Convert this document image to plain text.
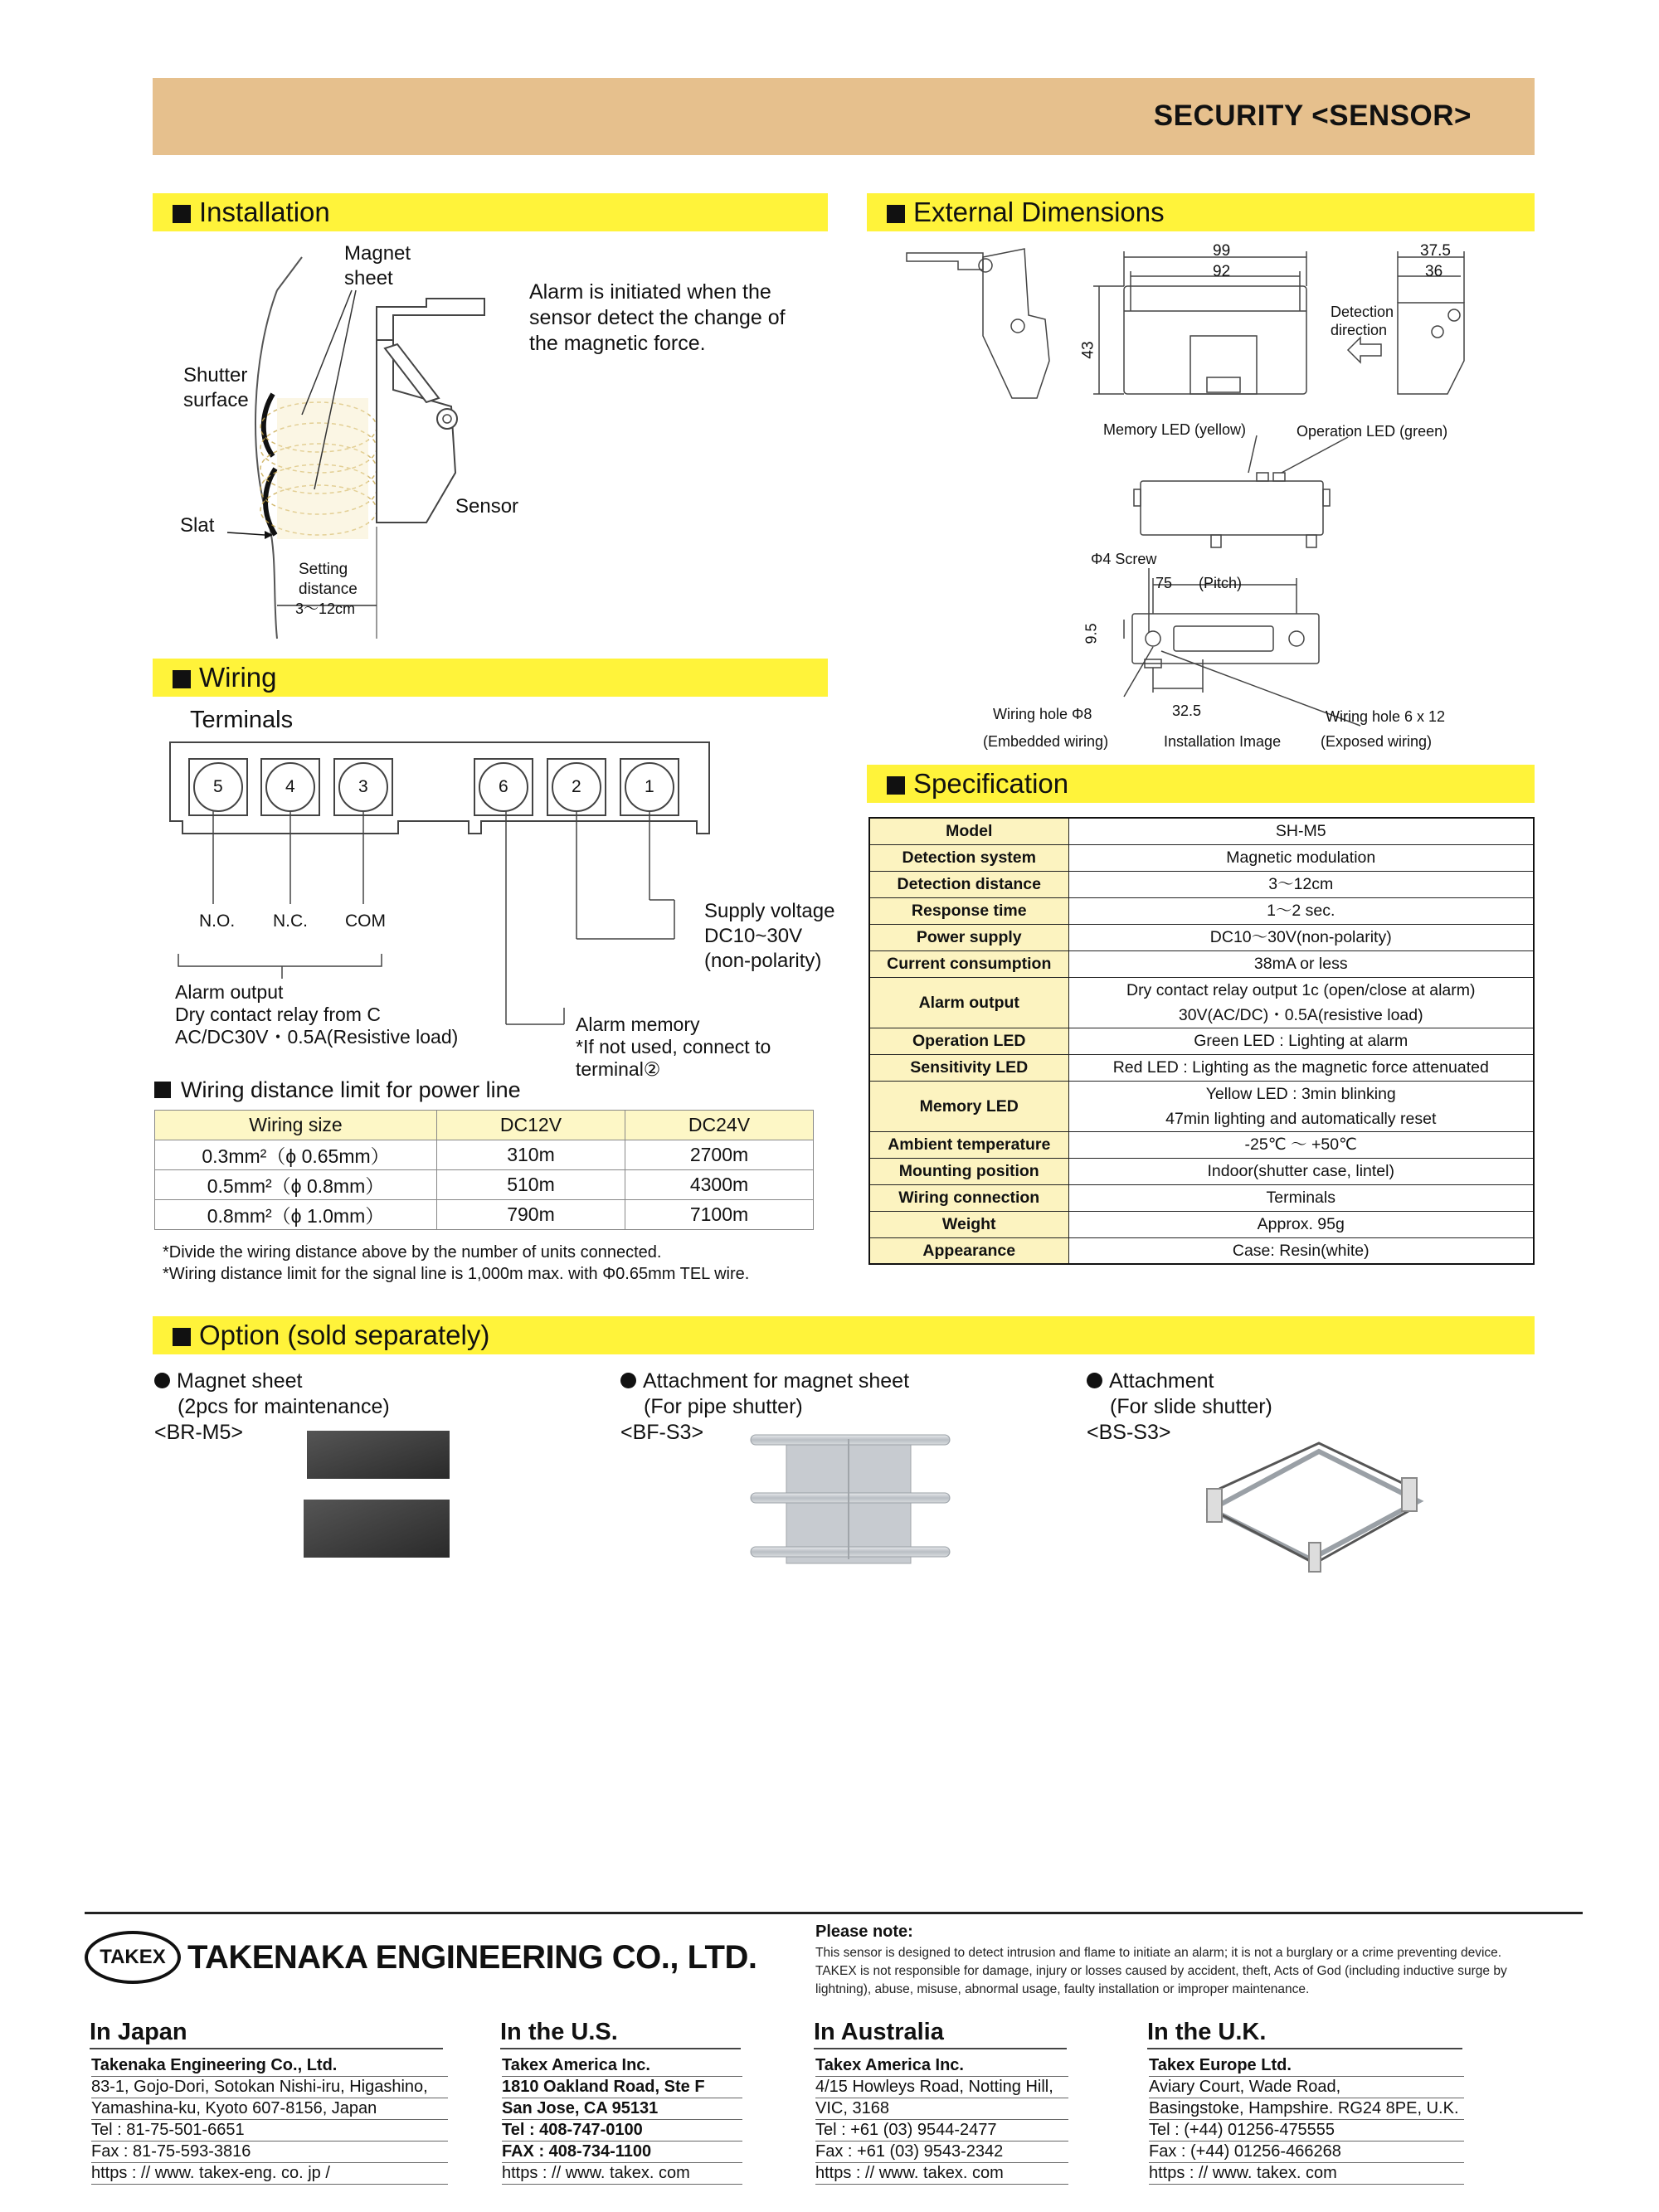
SECURITY <SENSOR>
Installation
Magnet
sheet
Shutter
surface
Slat
Sensor
Setting
distance
3～12cm
Alarm is initiated when the
sensor detect the change of
the magnetic force.
Wiring
Terminals
5	4	3	6	2	1
N.O. N.C. COM	Supply voltage
DC10~30V
(non-polarity)
Alarm output
Dry contact relay from C
AC/DC30V・0.5A(Resistive load)
Alarm memory
*If not used, connect to
terminal②
Wiring distance limit for power line
Wiring size	DC12V	DC24V
0.3mm²（ϕ 0.65mm）	310m	2700m
0.5mm²（ϕ 0.8mm）	510m	4300m
0.8mm²（ϕ 1.0mm）	790m	7100m
*Divide the wiring distance above by the number of units connected.
*Wiring distance limit for the signal line is 1,000m max. with Φ0.65mm TEL wire.
External Dimensions
99
92
43
37.5
36
Detection
direction
Memory LED (yellow)	Operation LED (green)
Φ4 Screw
75 (Pitch)
9.5
32.5
Wiring hole Φ8
(Embedded wiring)	Installation Image
Wiring hole 6 x 12
(Exposed wiring)
Specification
Model	SH-M5
Detection system	Magnetic modulation
Detection distance	3～12cm
Response time	1～2 sec.
Power supply	DC10～30V(non-polarity)
Current consumption	38mA or less
Alarm output	Dry contact relay output 1c (open/close at alarm)
30V(AC/DC)・0.5A(resistive load)
Operation LED	Green LED : Lighting at alarm
Sensitivity LED	Red LED : Lighting as the magnetic force attenuated
Memory LED	Yellow LED : 3min blinking
47min lighting and automatically reset
Ambient temperature	-25℃ ～ +50℃
Mounting position	Indoor(shutter case, lintel)
Wiring connection	Terminals
Weight	Approx. 95g
Appearance	Case: Resin(white)
Option (sold separately)
Magnet sheet
(2pcs for maintenance)
<BR-M5>
Attachment for magnet sheet
(For pipe shutter)
<BF-S3>
Attachment
(For slide shutter)
<BS-S3>
TAKEX TAKENAKA ENGINEERING CO., LTD.
Please note:
This sensor is designed to detect intrusion and flame to initiate an alarm; it is not a burglary or a crime preventing device.
TAKEX is not responsible for damage, injury or losses caused by accident, theft, Acts of God (including inductive surge by
lightning), abuse, misuse, abnormal usage, faulty installation or improper maintenance.
In Japan
Takenaka Engineering Co., Ltd.
83-1, Gojo-Dori, Sotokan Nishi-iru, Higashino,
Yamashina-ku, Kyoto 607-8156, Japan
Tel : 81-75-501-6651
Fax : 81-75-593-3816
https : // www. takex-eng. co. jp /
In the U.S.
Takex America Inc.
1810 Oakland Road, Ste F
San Jose, CA 95131
Tel : 408-747-0100
FAX : 408-734-1100
https : // www. takex. com
In Australia
Takex America Inc.
4/15 Howleys Road, Notting Hill,
VIC, 3168
Tel : +61 (03) 9544-2477
Fax : +61 (03) 9543-2342
https : // www. takex. com
In the U.K.
Takex Europe Ltd.
Aviary Court, Wade Road,
Basingstoke, Hampshire. RG24 8PE, U.K.
Tel : (+44) 01256-475555
Fax : (+44) 01256-466268
https : // www. takex. com
